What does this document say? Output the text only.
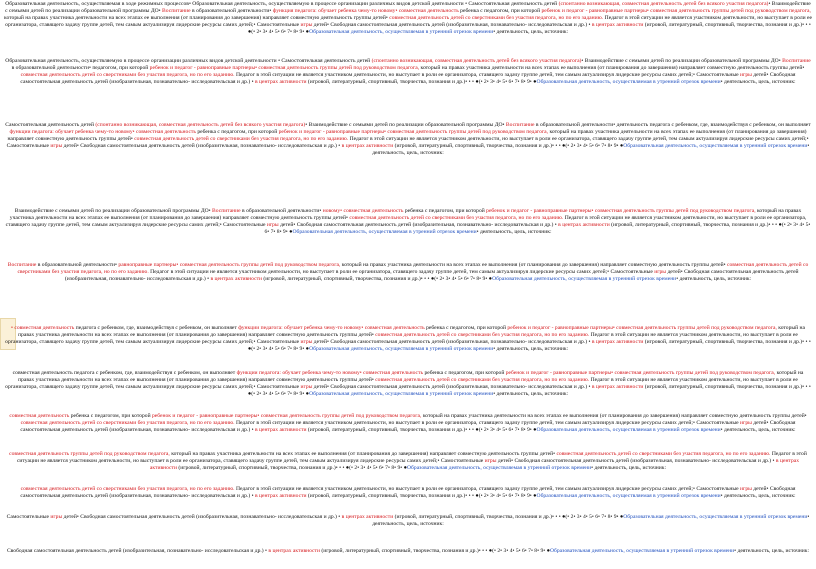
Образовательная деятельность, осуществляемая в ходе режимных процессов• Образовательная деятельность, осуществляемую в процессе организации различных видов детской деятельности • Самостоятельная деятельность детей (спонтанно возникающая, совместная деятельность детей без всякого участия педагога)• Взаимодействие с семьями детей по реализации образовательной программы ДО• Воспитание в образовательной деятельности• функция педагога: обучает ребенка чему-то новому• совместная деятельность ребенка с педагогом, при которой ребенок и педагог - равноправные партнеры• совместная деятельность группы детей под руководством педагога, который на правах участника деятельности на всех этапах ее выполнения (от планирования до завершения) направляет совместную деятельность группы детей• совместная деятельность детей со сверстниками без участия педагога, но по его заданию. Педагог в этой ситуации не является участником деятельности, но выступает в роли ее организатора, ставящего задачу группе детей, тем самым актуализируя лидерские ресурсы самих детей;• Самостоятельные игры детей• Свободная самостоятельная деятельность детей (изобразительная, познавательно- исследовательская и др.) • в центрах активности (игровой, литературный, спортивный, творчества, познания и др.)• • • ●(• 2• 3• 4• 5• 6• 7• 8• 9• ●Образовательная деятельность, осуществляемая в утренний отрезок времени• деятельность, цель, источник:
Образовательная деятельность, осуществляемую в процессе организации различных видов детской деятельности • Самостоятельная деятельность детей (спонтанно возникающая, совместная деятельность детей без всякого участия педагога)• Взаимодействие с семьями детей по реализации образовательной программы ДО• Воспитание в образовательной деятельности• педагогом, при которой ребенок и педагог - равноправные партнеры• совместная деятельность группы детей под руководством педагога, который на правах участника деятельности на всех этапах ее выполнения (от планирования до завершения) направляет совместную деятельность группы детей• совместная деятельность детей со сверстниками без участия педагога, но по его заданию. Педагог в этой ситуации не является участником деятельности, но выступает в роли ее организатора, ставящего задачу группе детей, тем самым актуализируя лидерские ресурсы самих детей;• Самостоятельные игры детей• Свободная самостоятельная деятельность детей (изобразительная, познавательно- исследовательская и др.) • в центрах активности (игровой, литературный, спортивный, творчества, познания и др.)• • • ●(• 2• 3• 4• 5• 6• 7• 8• 9• ●Образовательная деятельность, осуществляемая в утренний отрезок времени• деятельность, цель, источник:
Самостоятельная деятельность детей (спонтанно возникающая, совместная деятельность детей без всякого участия педагога)• Взаимодействие с семьями детей по реализации образовательной программы ДО• Воспитание в образовательной деятельности• деятельность педагога с ребенком, где, взаимодействуя с ребенком, он выполняет функции педагога: обучает ребенка чему-то новому• совместная деятельность ребенка с педагогом, при которой ребенок и педагог - равноправные партнеры• совместная деятельность группы детей под руководством педагога, который на правах участника деятельности на всех этапах ее выполнения (от планирования до завершения) направляет совместную деятельность группы детей• совместная деятельность детей со сверстниками без участия педагога, но по его заданию. Педагог в этой ситуации не является участником деятельности, но выступает в роли ее организатора, ставящего задачу группе детей, тем самым актуализируя лидерские ресурсы самих детей;• Самостоятельные игры детей• Свободная самостоятельная деятельность детей (изобразительная, познавательно- исследовательская и др.) • в центрах активности (игровой, литературный, спортивный, творчества, познания и др.)• • • ●(• 2• 3• 4• 5• 6• 7• 8• 9• ●Образовательная деятельность, осуществляемая в утренний отрезок времени• деятельность, цель, источник:
Взаимодействие с семьями детей по реализации образовательной программы ДО• Воспитание в образовательной деятельности• новому• совместная деятельность ребенка с педагогом, при которой ребенок и педагог - равноправные партнеры• совместная деятельность группы детей под руководством педагога, который на правах участника деятельности на всех этапах ее выполнения (от планирования до завершения) направляет совместную деятельность группы детей• совместная деятельность детей со сверстниками без участия педагога, но по его заданию. Педагог в этой ситуации не является участником деятельности, но выступает в роли ее организатора, ставящего задачу группе детей, тем самым актуализируя лидерские ресурсы самих детей;• Самостоятельные игры детей• Свободная самостоятельная деятельность детей (изобразительная, познавательно- исследовательская и др.) • в центрах активности (игровой, литературный, спортивный, творчества, познания и др.)• • • ●(• 2• 3• 4• 5• 6• 7• 8• 9• ●Образовательная деятельность, осуществляемая в утренний отрезок времени• деятельность, цель, источник:
Воспитание в образовательной деятельности• равноправные партнеры• совместная деятельность группы детей под руководством педагога, который на правах участника деятельности на всех этапах ее выполнения (от планирования до завершения) направляет совместную деятельность группы детей• совместная деятельность детей со сверстниками без участия педагога, но по его заданию. Педагог в этой ситуации не является участником деятельности, но выступает в роли ее организатора, ставящего задачу группе детей, тем самым актуализируя лидерские ресурсы самих детей;• Самостоятельные игры детей• Свободная самостоятельная деятельность детей (изобразительная, познавательно- исследовательская и др.) • в центрах активности (игровой, литературный, спортивный, творчества, познания и др.)• • • ●(• 2• 3• 4• 5• 6• 7• 8• 9• ●Образовательная деятельность, осуществляемая в утренний отрезок времени• деятельность, цель, источник:
• совместная деятельность педагога с ребенком, где, взаимодействуя с ребенком, он выполняет функции педагога: обучает ребенка чему-то новому• совместная деятельность ребенка с педагогом, при которой ребенок и педагог - равноправные партнеры• совместная деятельность группы детей под руководством педагога, который на правах участника деятельности на всех этапах ее выполнения (от планирования до завершения) направляет совместную деятельность группы детей• совместная деятельность детей со сверстниками без участия педагога, но по его заданию. Педагог в этой ситуации не является участником деятельности, но выступает в роли ее организатора, ставящего задачу группе детей, тем самым актуализируя лидерские ресурсы самих детей;• Самостоятельные игры детей• Свободная самостоятельная деятельность детей (изобразительная, познавательно- исследовательская и др.) • в центрах активности (игровой, литературный, спортивный, творчества, познания и др.)• • • ●(• 2• 3• 4• 5• 6• 7• 8• 9• ●Образовательная деятельность, осуществляемая в утренний отрезок времени• деятельность, цель, источник:
совместная деятельность педагога с ребенком, где, взаимодействуя с ребенком, он выполняет функции педагога: обучает ребенка чему-то новому• совместная деятельность ребенка с педагогом, при которой ребенок и педагог - равноправные партнеры• совместная деятельность группы детей под руководством педагога, который на правах участника деятельности на всех этапах ее выполнения (от планирования до завершения) направляет совместную деятельность группы детей• совместная деятельность детей со сверстниками без участия педагога, но по его заданию. Педагог в этой ситуации не является участником деятельности, но выступает в роли ее организатора, ставящего задачу группе детей, тем самым актуализируя лидерские ресурсы самих детей;• Самостоятельные игры детей• Свободная самостоятельная деятельность детей (изобразительная, познавательно- исследовательская и др.) • в центрах активности (игровой, литературный, спортивный, творчества, познания и др.)• • • ●(• 2• 3• 4• 5• 6• 7• 8• 9• ●Образовательная деятельность, осуществляемая в утренний отрезок времени• деятельность, цель, источник:
совместная деятельность ребенка с педагогом, при которой ребенок и педагог - равноправные партнеры• совместная деятельность группы детей под руководством педагога, который на правах участника деятельности на всех этапах ее выполнения (от планирования до завершения) направляет совместную деятельность группы детей• совместная деятельность детей со сверстниками без участия педагога, но по его заданию. Педагог в этой ситуации не является участником деятельности, но выступает в роли ее организатора, ставящего задачу группе детей, тем самым актуализируя лидерские ресурсы самих детей;• Самостоятельные игры детей• Свободная самостоятельная деятельность детей (изобразительная, познавательно- исследовательская и др.) • в центрах активности (игровой, литературный, спортивный, творчества, познания и др.)• • • ●(• 2• 3• 4• 5• 6• 7• 8• 9• ●Образовательная деятельность, осуществляемая в утренний отрезок времени• деятельность, цель, источник:
совместная деятельность группы детей под руководством педагога, который на правах участника деятельности на всех этапах ее выполнения (от планирования до завершения) направляет совместную деятельность группы детей• совместная деятельность детей со сверстниками без участия педагога, но по его заданию. Педагог в этой ситуации не является участником деятельности, но выступает в роли ее организатора, ставящего задачу группе детей, тем самым актуализируя лидерские ресурсы самих детей;• Самостоятельные игры детей• Свободная самостоятельная деятельность детей (изобразительная, познавательно- исследовательская и др.) • в центрах активности (игровой, литературный, спортивный, творчества, познания и др.)• • • ●(• 2• 3• 4• 5• 6• 7• 8• 9• ●Образовательная деятельность, осуществляемая в утренний отрезок времени• деятельность, цель, источник:
совместная деятельность детей со сверстниками без участия педагога, но по его заданию. Педагог в этой ситуации не является участником деятельности, но выступает в роли ее организатора, ставящего задачу группе детей, тем самым актуализируя лидерские ресурсы самих детей;• Самостоятельные игры детей• Свободная самостоятельная деятельность детей (изобразительная, познавательно- исследовательская и др.) • в центрах активности (игровой, литературный, спортивный, творчества, познания и др.)• • • ●(• 2• 3• 4• 5• 6• 7• 8• 9• ●Образовательная деятельность, осуществляемая в утренний отрезок времени• деятельность, цель, источник:
Самостоятельные игры детей• Свободная самостоятельная деятельность детей (изобразительная, познавательно- исследовательская и др.) • в центрах активности (игровой, литературный, спортивный, творчества, познания и др.)• • • ●(• 2• 3• 4• 5• 6• 7• 8• 9• ●Образовательная деятельность, осуществляемая в утренний отрезок времени• деятельность, цель, источник:
Свободная самостоятельная деятельность детей (изобразительная, познавательно- исследовательская и др.) • в центрах активности (игровой, литературный, спортивный, творчества, познания и др.)• • • ●(• 2• 3• 4• 5• 6• 7• 8• 9• ●Образовательная деятельность, осуществляемая в утренний отрезок времени• деятельность, цель, источник:
